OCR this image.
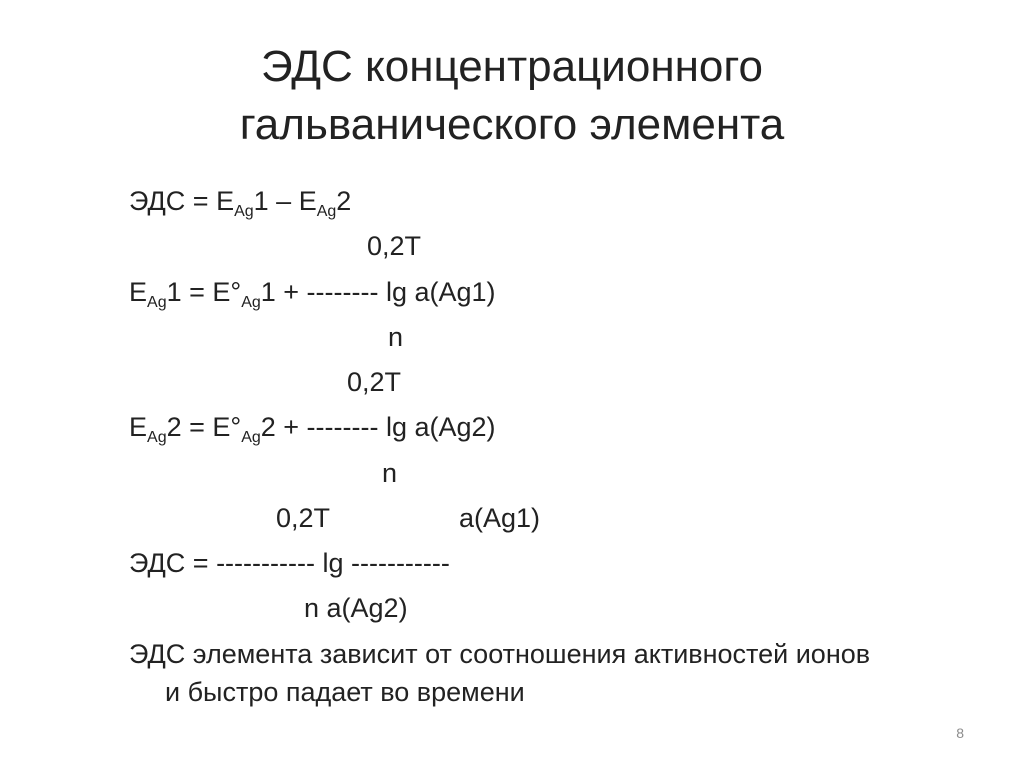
ЭДС концентрационного
гальванического элемента
ЭДС = $E_{Ag}1 - E_{Ag}2$
0,2T
$E_{Ag}1 = E^\circ_{Ag}1$ + -------- lg a(Ag1)
n
0,2T
$E_{Ag}2 = E^\circ_{Ag}2$ + -------- lg a(Ag2)
n
0,2T	a(Ag1)
ЭДС = ----------- lg -----------
n a(Ag2)
ЭДС элемента зависит от соотношения активностей ионов
и быстро падает во времени
8
